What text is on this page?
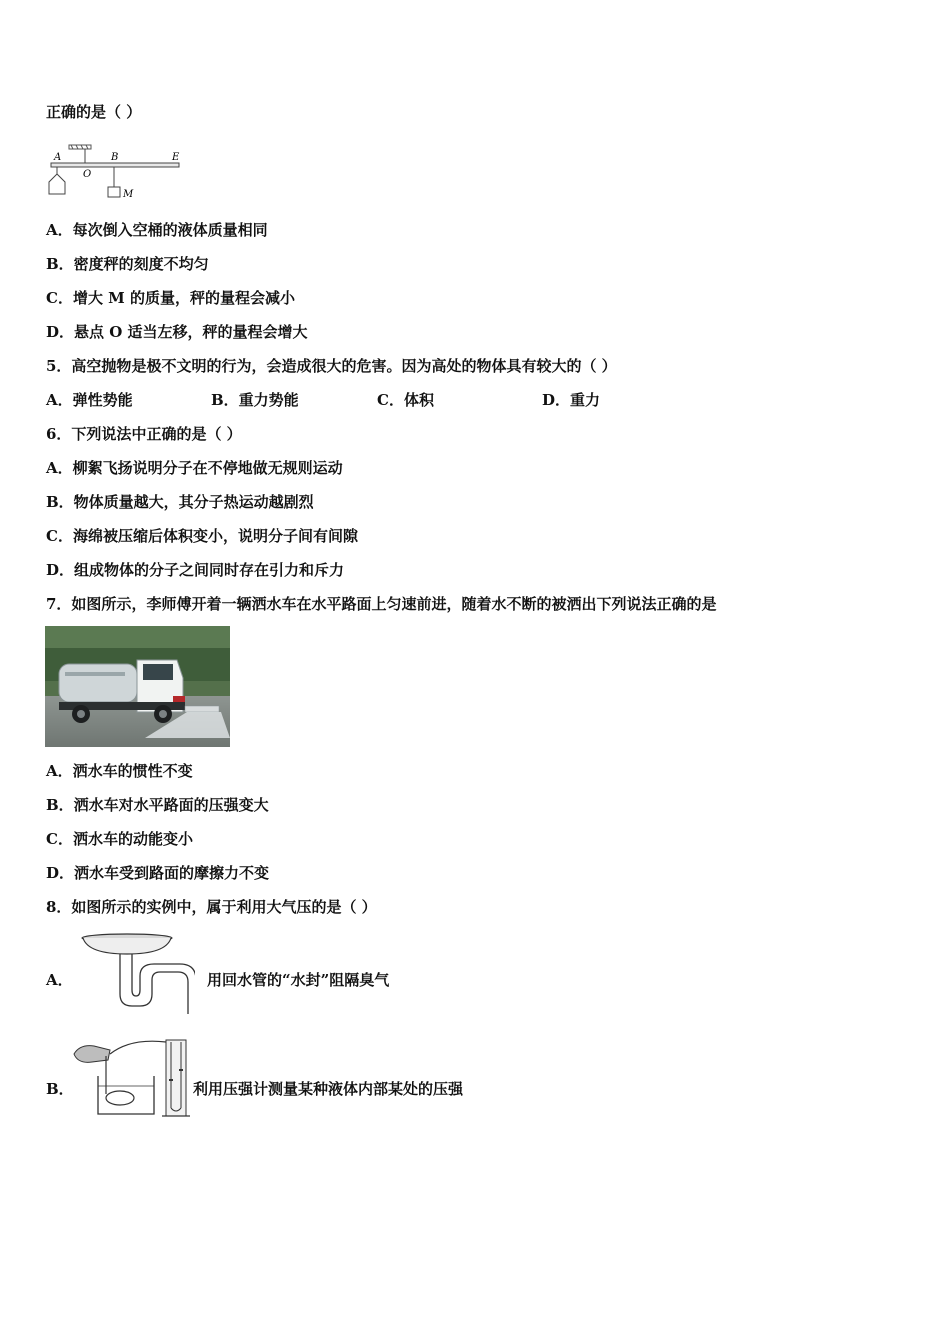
正确的是（ ）
A
O
B	E
M
A．每次倒入空桶的液体质量相同
B．密度秤的刻度不均匀
C．增大 M 的质量，秤的量程会减小
D．悬点 O 适当左移，秤的量程会增大
5．高空抛物是极不文明的行为，会造成很大的危害。因为高处的物体具有较大的（ ）
A．弹性势能	B．重力势能	C．体积	D．重力
6．下列说法中正确的是（ ）
A．柳絮飞扬说明分子在不停地做无规则运动
B．物体质量越大，其分子热运动越剧烈
C．海绵被压缩后体积变小，说明分子间有间隙
D．组成物体的分子之间同时存在引力和斥力
7．如图所示，李师傅开着一辆洒水车在水平路面上匀速前进，随着水不断的被洒出下列说法正确的是
A．洒水车的惯性不变
B．洒水车对水平路面的压强变大
C．洒水车的动能变小
D．洒水车受到路面的摩擦力不变
8．如图所示的实例中，属于利用大气压的是（ ）
A．	用回水管的“水封”阻隔臭气
B．	利用压强计测量某种液体内部某处的压强
